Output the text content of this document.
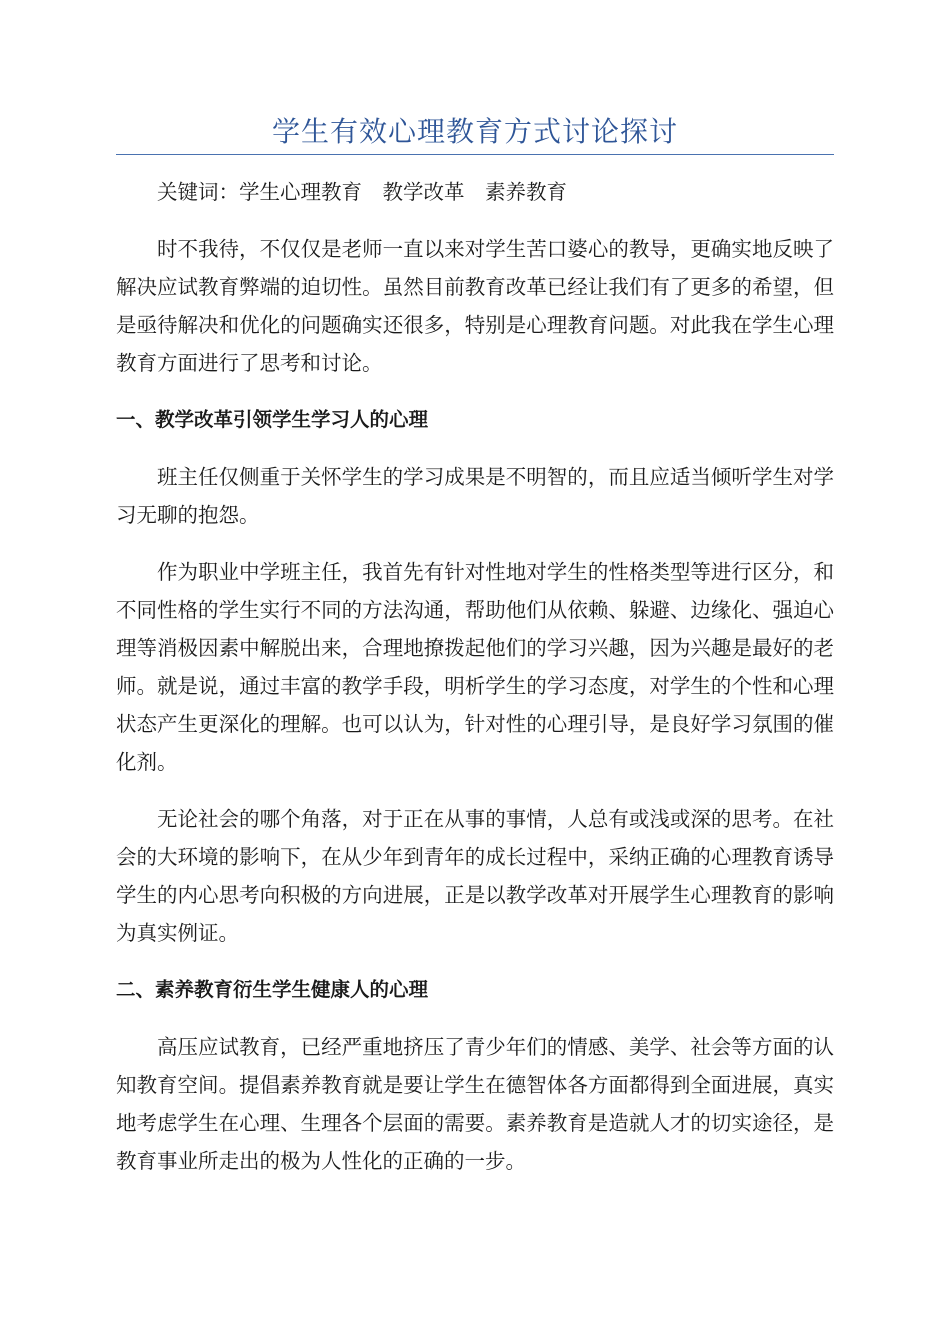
学生有效心理教育方式讨论探讨

关键词：学生心理教育 教学改革 素养教育

时不我待，不仅仅是老师一直以来对学生苦口婆心的教导，更确实地反映了解决应试教育弊端的迫切性。虽然目前教育改革已经让我们有了更多的希望，但是亟待解决和优化的问题确实还很多，特别是心理教育问题。对此我在学生心理教育方面进行了思考和讨论。

一、教学改革引领学生学习人的心理

班主任仅侧重于关怀学生的学习成果是不明智的，而且应适当倾听学生对学习无聊的抱怨。

作为职业中学班主任，我首先有针对性地对学生的性格类型等进行区分，和不同性格的学生实行不同的方法沟通，帮助他们从依赖、躲避、边缘化、强迫心理等消极因素中解脱出来，合理地撩拨起他们的学习兴趣，因为兴趣是最好的老师。就是说，通过丰富的教学手段，明析学生的学习态度，对学生的个性和心理状态产生更深化的理解。也可以认为，针对性的心理引导，是良好学习氛围的催化剂。

无论社会的哪个角落，对于正在从事的事情，人总有或浅或深的思考。在社会的大环境的影响下，在从少年到青年的成长过程中，采纳正确的心理教育诱导学生的内心思考向积极的方向进展，正是以教学改革对开展学生心理教育的影响为真实例证。

二、素养教育衍生学生健康人的心理

高压应试教育，已经严重地挤压了青少年们的情感、美学、社会等方面的认知教育空间。提倡素养教育就是要让学生在德智体各方面都得到全面进展，真实地考虑学生在心理、生理各个层面的需要。素养教育是造就人才的切实途径，是教育事业所走出的极为人性化的正确的一步。
